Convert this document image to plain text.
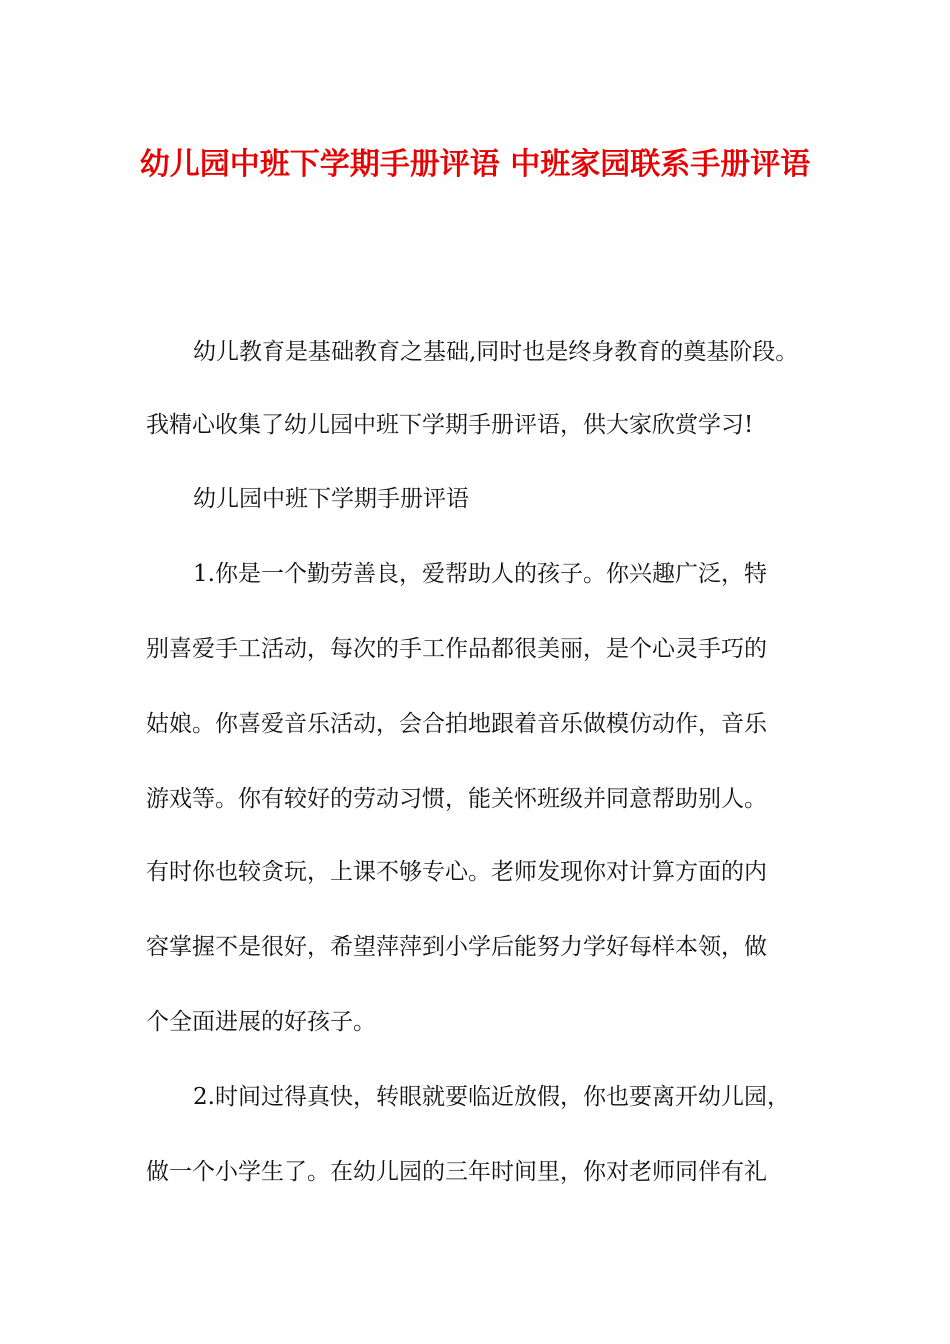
幼儿园中班下学期手册评语 中班家园联系手册评语

幼儿教育是基础教育之基础,同时也是终身教育的奠基阶段。

我精心收集了幼儿园中班下学期手册评语，供大家欣赏学习!

幼儿园中班下学期手册评语

1.你是一个勤劳善良，爱帮助人的孩子。你兴趣广泛，特

别喜爱手工活动，每次的手工作品都很美丽，是个心灵手巧的

姑娘。你喜爱音乐活动，会合拍地跟着音乐做模仿动作，音乐

游戏等。你有较好的劳动习惯，能关怀班级并同意帮助别人。

有时你也较贪玩，上课不够专心。老师发现你对计算方面的内

容掌握不是很好，希望萍萍到小学后能努力学好每样本领，做

个全面进展的好孩子。

2.时间过得真快，转眼就要临近放假，你也要离开幼儿园，

做一个小学生了。在幼儿园的三年时间里，你对老师同伴有礼
